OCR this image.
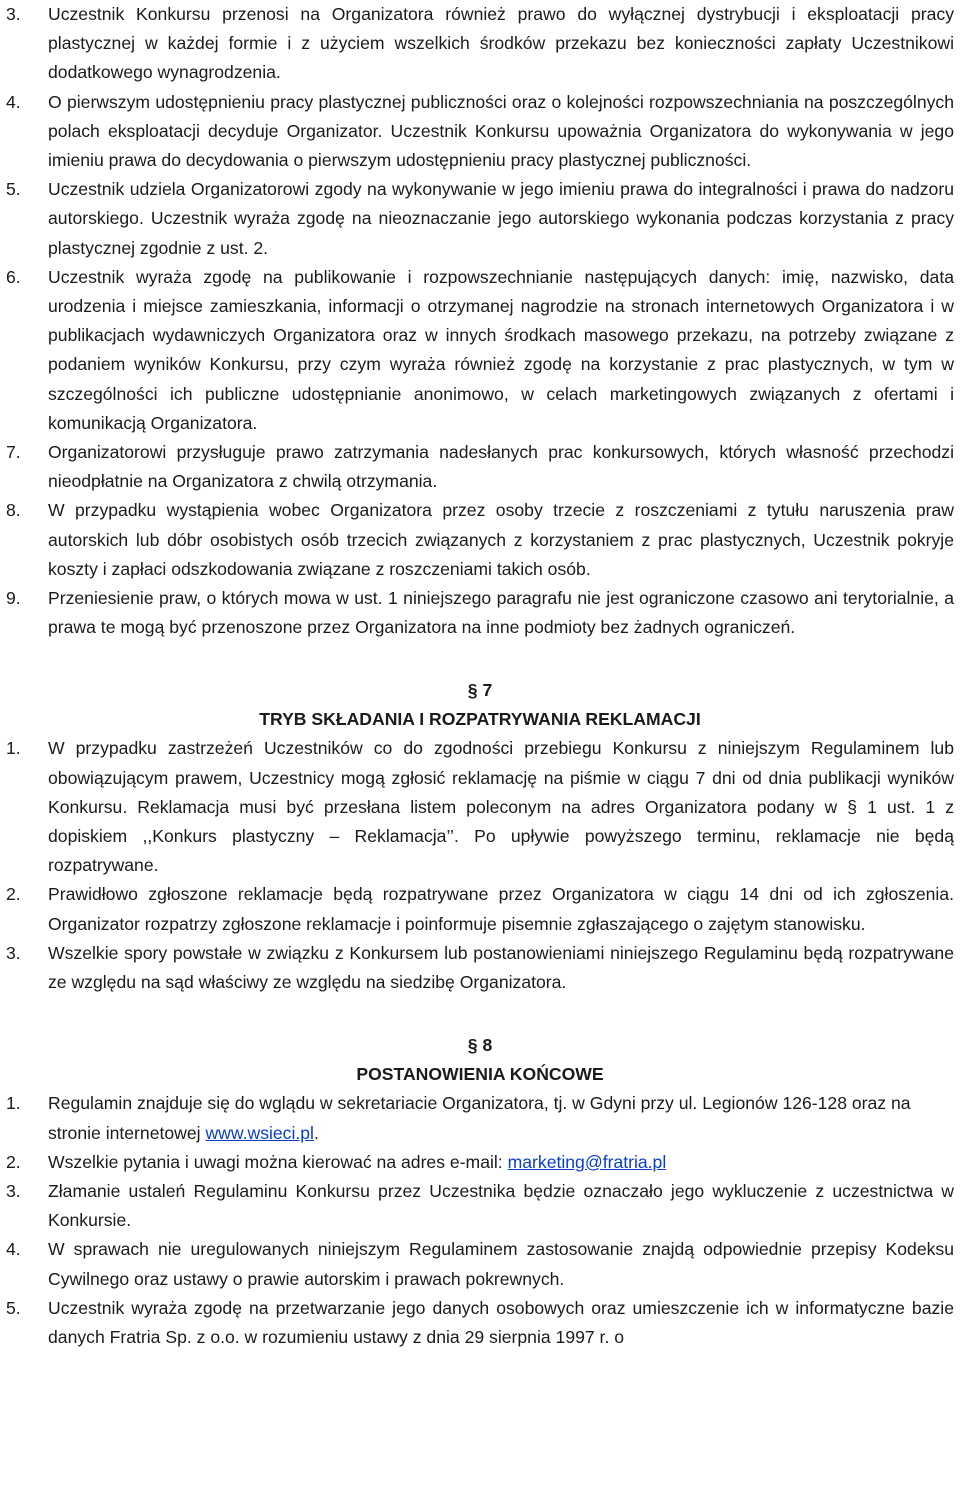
3.	Uczestnik Konkursu przenosi na Organizatora również prawo do wyłącznej dystrybucji i eksploatacji pracy plastycznej w każdej formie i z użyciem wszelkich środków przekazu bez konieczności zapłaty Uczestnikowi dodatkowego wynagrodzenia.
4.	O pierwszym udostępnieniu pracy plastycznej publiczności oraz o kolejności rozpowszechniania na poszczególnych polach eksploatacji decyduje Organizator. Uczestnik Konkursu upoważnia Organizatora do wykonywania w jego imieniu prawa do decydowania o pierwszym udostępnieniu pracy plastycznej publiczności.
5.	Uczestnik udziela Organizatorowi zgody na wykonywanie w jego imieniu prawa do integralności i prawa do nadzoru autorskiego. Uczestnik wyraża zgodę na nieoznaczanie jego autorskiego wykonania podczas korzystania z pracy plastycznej zgodnie z ust. 2.
6.	Uczestnik wyraża zgodę na publikowanie i rozpowszechnianie następujących danych: imię, nazwisko, data urodzenia i miejsce zamieszkania, informacji o otrzymanej nagrodzie na stronach internetowych Organizatora i w publikacjach wydawniczych Organizatora oraz w innych środkach masowego przekazu, na potrzeby związane z podaniem wyników Konkursu, przy czym wyraża również zgodę na korzystanie z prac plastycznych, w tym w szczególności ich publiczne udostępnianie anonimowo, w celach marketingowych związanych z ofertami i komunikacją Organizatora.
7.	Organizatorowi przysługuje prawo zatrzymania nadesłanych prac konkursowych, których własność przechodzi nieodpłatnie na Organizatora z chwilą otrzymania.
8.	W przypadku wystąpienia wobec Organizatora przez osoby trzecie z roszczeniami z tytułu naruszenia praw autorskich lub dóbr osobistych osób trzecich związanych z korzystaniem z prac plastycznych, Uczestnik pokryje koszty i zapłaci odszkodowania związane z roszczeniami takich osób.
9.	Przeniesienie praw, o których mowa w ust. 1 niniejszego paragrafu nie jest ograniczone czasowo ani terytorialnie, a prawa te mogą być przenoszone przez Organizatora na inne podmioty bez żadnych ograniczeń.
§ 7
TRYB SKŁADANIA I ROZPATRYWANIA REKLAMACJI
1.	W przypadku zastrzeżeń Uczestników co do zgodności przebiegu Konkursu z niniejszym Regulaminem lub obowiązującym prawem, Uczestnicy mogą zgłosić reklamację na piśmie w ciągu 7 dni od dnia publikacji wyników Konkursu. Reklamacja musi być przesłana listem poleconym na adres Organizatora podany w § 1 ust. 1 z dopiskiem ,,Konkurs plastyczny – Reklamacja’’. Po upływie powyższego terminu, reklamacje nie będą rozpatrywane.
2.	Prawidłowo zgłoszone reklamacje będą rozpatrywane przez Organizatora w ciągu 14 dni od ich zgłoszenia. Organizator rozpatrzy zgłoszone reklamacje i poinformuje pisemnie zgłaszającego o zajętym stanowisku.
3.	Wszelkie spory powstałe w związku z Konkursem lub postanowieniami niniejszego Regulaminu będą rozpatrywane ze względu na sąd właściwy ze względu na siedzibę Organizatora.
§ 8
POSTANOWIENIA KOŃCOWE
1.	Regulamin znajduje się do wglądu w sekretariacie Organizatora, tj. w Gdyni przy ul. Legionów 126-128 oraz na stronie internetowej www.wsieci.pl.
2.	Wszelkie pytania i uwagi można kierować na adres e-mail: marketing@fratria.pl
3.	Złamanie ustaleń Regulaminu Konkursu przez Uczestnika będzie oznaczało jego wykluczenie z uczestnictwa w Konkursie.
4.	W sprawach nie uregulowanych niniejszym Regulaminem zastosowanie znajdą odpowiednie przepisy Kodeksu Cywilnego oraz ustawy o prawie autorskim i prawach pokrewnych.
5.	Uczestnik wyraża zgodę na przetwarzanie jego danych osobowych oraz umieszczenie ich w informatyczne bazie danych Fratria Sp. z o.o. w rozumieniu ustawy z dnia 29 sierpnia 1997 r. o
